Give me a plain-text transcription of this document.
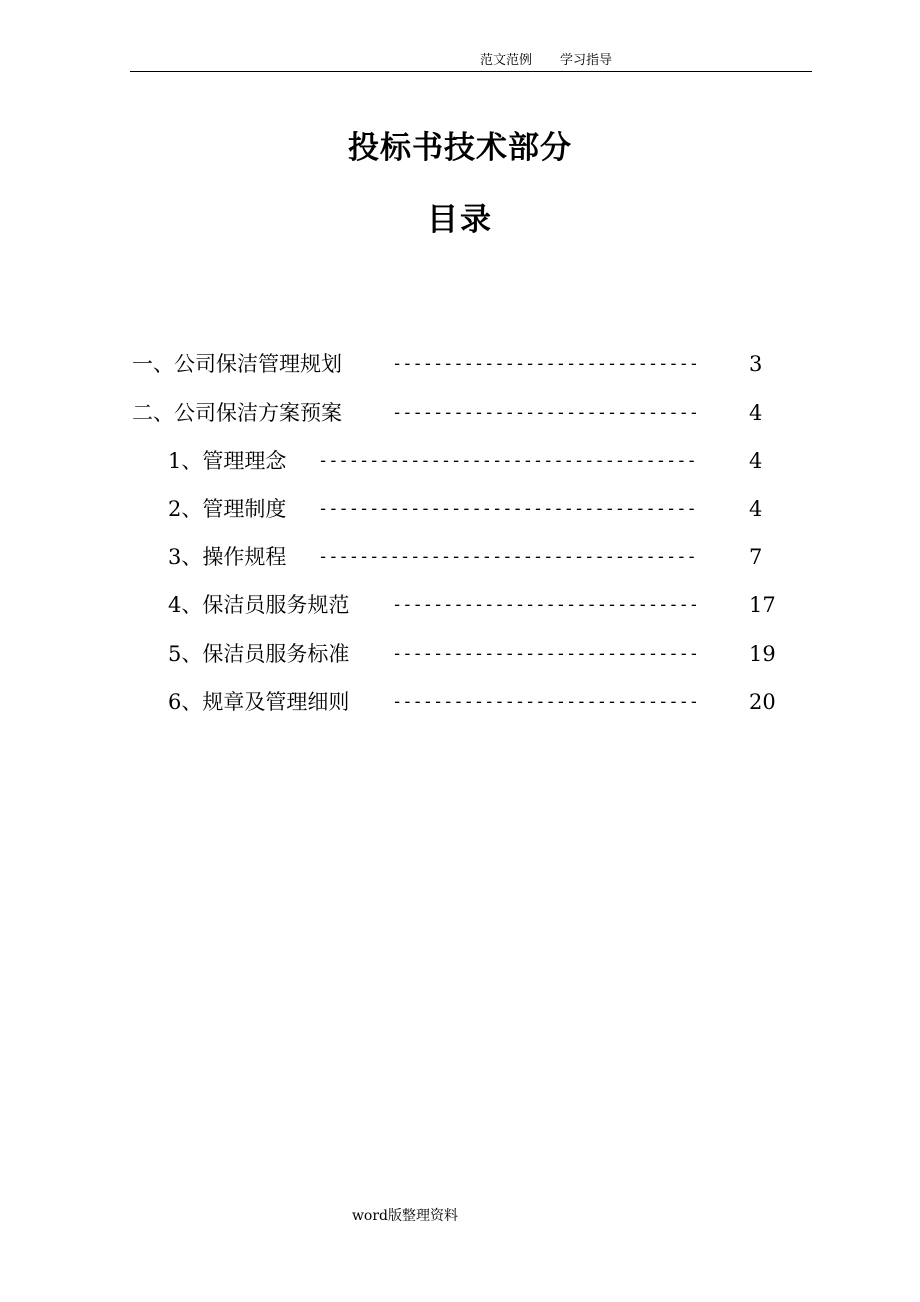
范文范例 学习指导
投标书技术部分
目录
一、公司保洁管理规划	------------------------------	3
二、公司保洁方案预案	------------------------------	4
1、管理理念 -------------------------------------	4
2、管理制度 -------------------------------------	4
3、操作规程 -------------------------------------	7
4、保洁员服务规范	------------------------------	17
5、保洁员服务标准	------------------------------	19
6、规章及管理细则	------------------------------	20
word版整理资料
